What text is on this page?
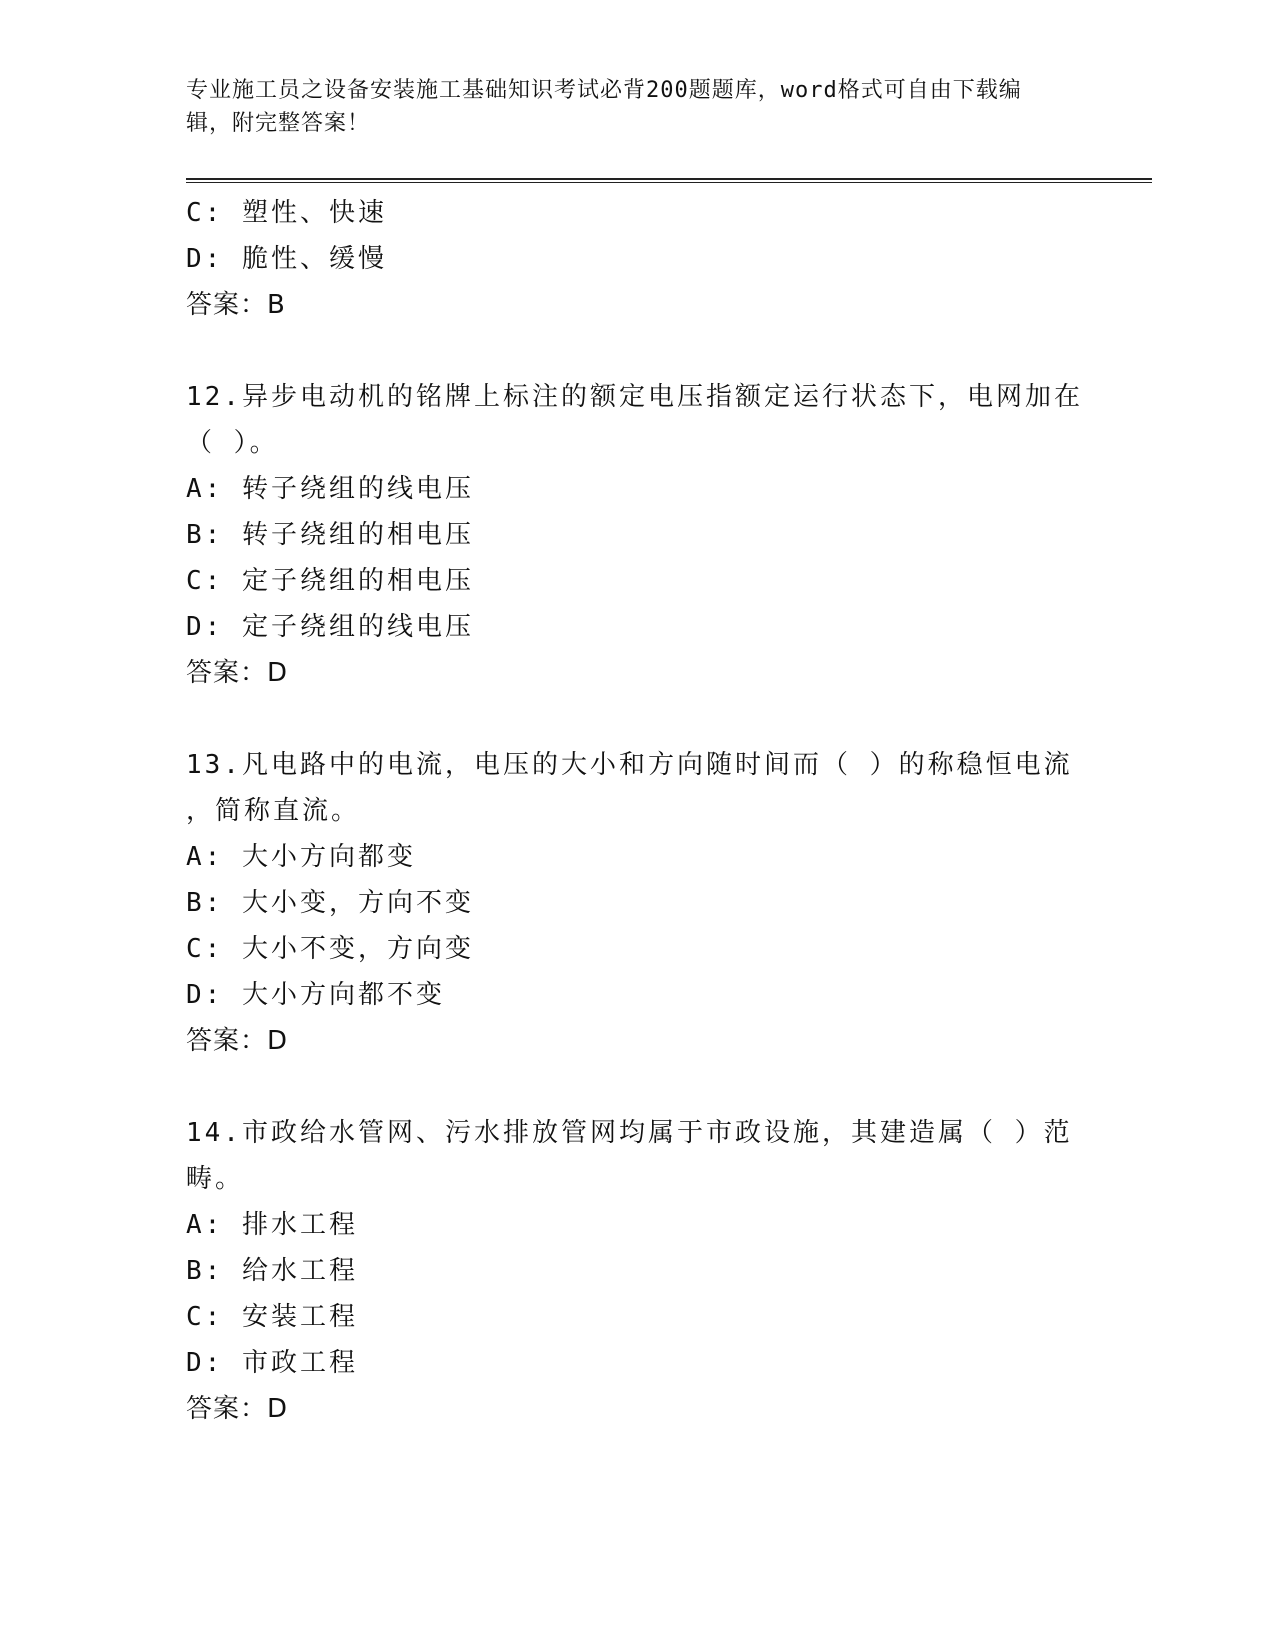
专业施工员之设备安装施工基础知识考试必背200题题库，word格式可自由下载编辑，附完整答案！
C: 塑性、快速
D: 脆性、缓慢
答案：B
12.异步电动机的铭牌上标注的额定电压指额定运行状态下，电网加在
（ ）。
A: 转子绕组的线电压
B: 转子绕组的相电压
C: 定子绕组的相电压
D: 定子绕组的线电压
答案：D
13.凡电路中的电流，电压的大小和方向随时间而（ ）的称稳恒电流
，简称直流。
A: 大小方向都变
B: 大小变，方向不变
C: 大小不变，方向变
D: 大小方向都不变
答案：D
14.市政给水管网、污水排放管网均属于市政设施，其建造属（ ）范
畴。
A: 排水工程
B: 给水工程
C: 安装工程
D: 市政工程
答案：D
